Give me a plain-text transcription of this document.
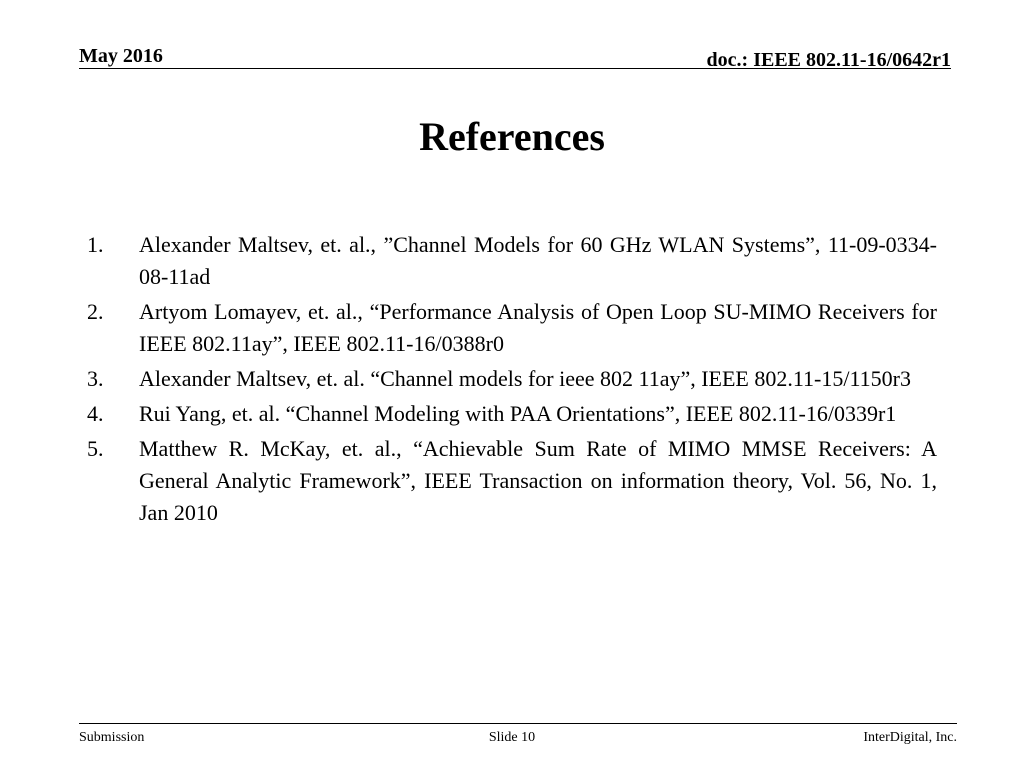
May 2016	doc.: IEEE 802.11-16/0642r1
References
1. Alexander Maltsev, et. al., ”Channel Models for 60 GHz WLAN Systems”, 11-09-0334-08-11ad
2. Artyom Lomayev, et. al., “Performance Analysis of Open Loop SU-MIMO Receivers for IEEE 802.11ay”, IEEE 802.11-16/0388r0
3. Alexander Maltsev, et. al. “Channel models for ieee 802 11ay”, IEEE 802.11-15/1150r3
4. Rui Yang, et. al. “Channel Modeling with PAA Orientations”, IEEE 802.11-16/0339r1
5. Matthew R. McKay, et. al., “Achievable Sum Rate of MIMO MMSE Receivers: A General Analytic Framework”, IEEE Transaction on information theory, Vol. 56, No. 1, Jan 2010
Submission	Slide 10	InterDigital, Inc.
